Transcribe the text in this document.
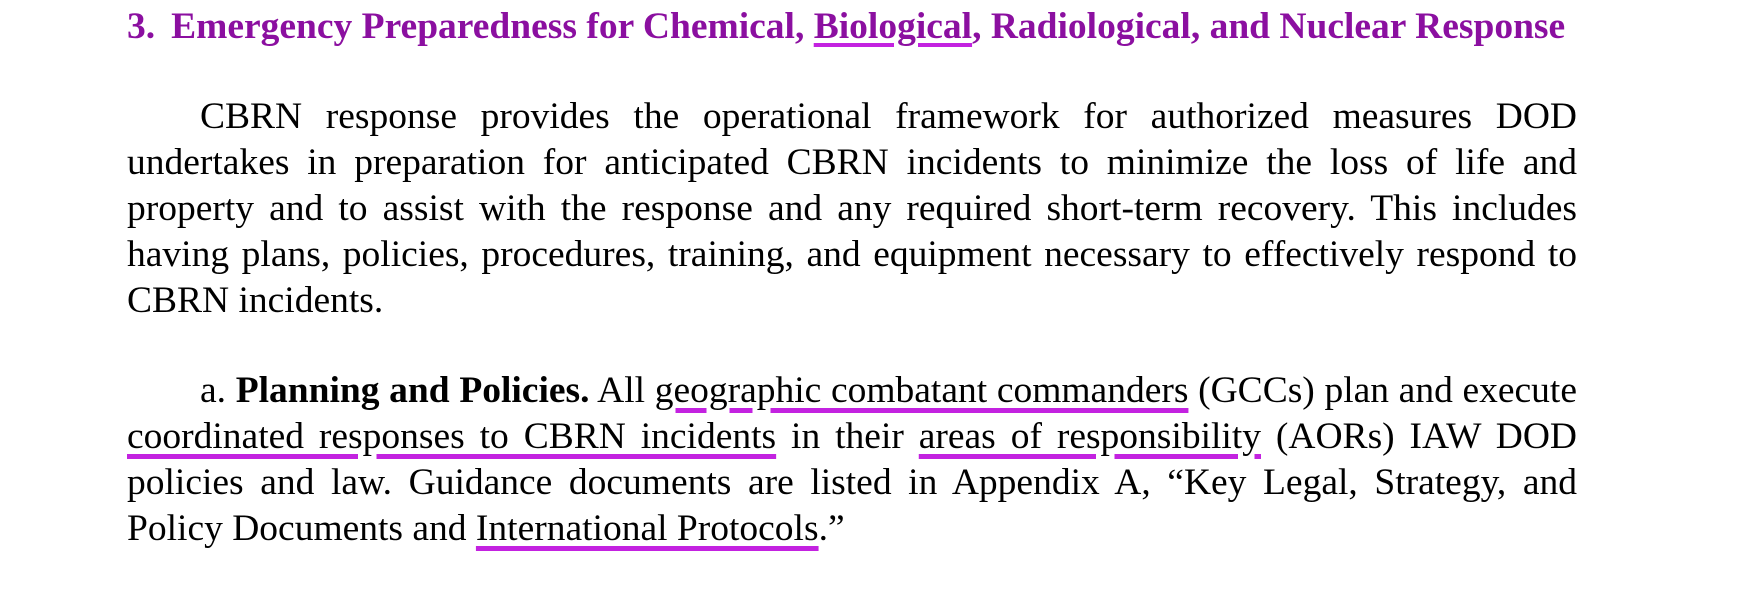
3. Emergency Preparedness for Chemical, Biological, Radiological, and Nuclear Response

CBRN response provides the operational framework for authorized measures DOD undertakes in preparation for anticipated CBRN incidents to minimize the loss of life and property and to assist with the response and any required short-term recovery. This includes having plans, policies, procedures, training, and equipment necessary to effectively respond to CBRN incidents.

a. Planning and Policies. All geographic combatant commanders (GCCs) plan and execute coordinated responses to CBRN incidents in their areas of responsibility (AORs) IAW DOD policies and law. Guidance documents are listed in Appendix A, “Key Legal, Strategy, and Policy Documents and International Protocols.”
